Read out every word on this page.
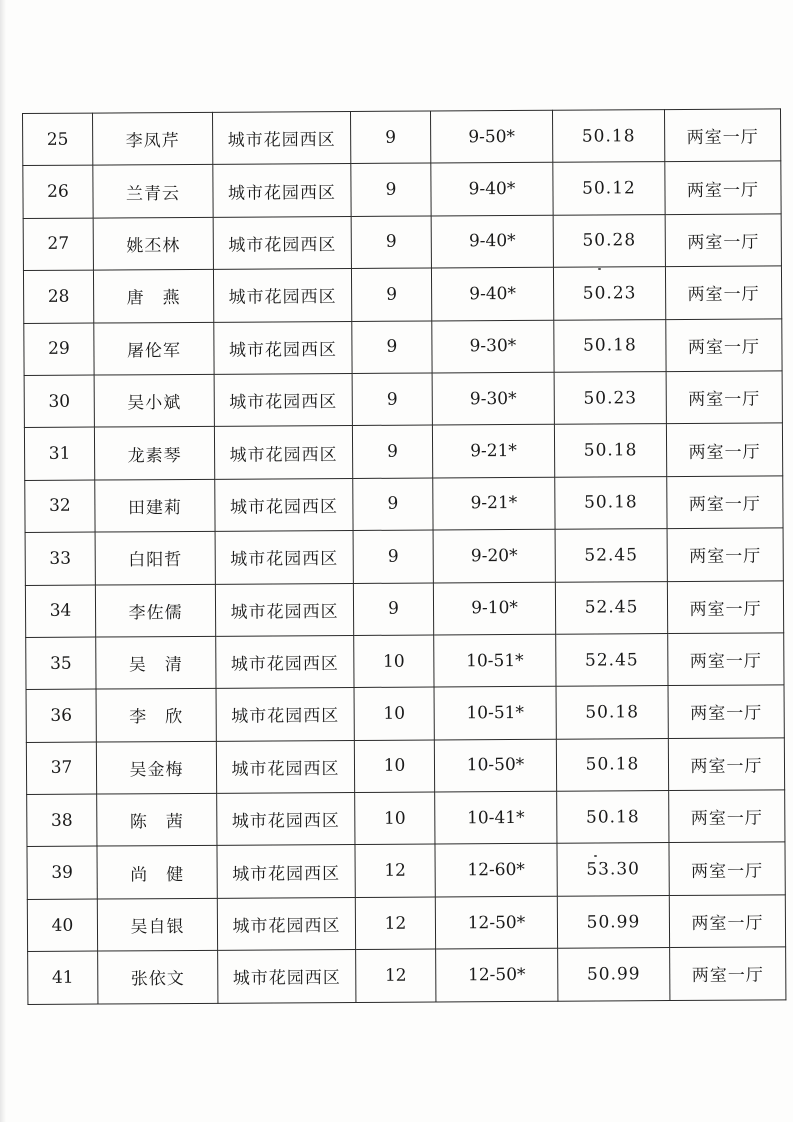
25	李凤芹	城市花园西区	9	9-50*	50.18	两室一厅
26	兰青云	城市花园西区	9	9-40*	50.12	两室一厅
27	姚丕林	城市花园西区	9	9-40*	50.28	两室一厅
28	唐　燕	城市花园西区	9	9-40*	50.23	两室一厅
29	屠伦军	城市花园西区	9	9-30*	50.18	两室一厅
30	吴小斌	城市花园西区	9	9-30*	50.23	两室一厅
31	龙素琴	城市花园西区	9	9-21*	50.18	两室一厅
32	田建莉	城市花园西区	9	9-21*	50.18	两室一厅
33	白阳哲	城市花园西区	9	9-20*	52.45	两室一厅
34	李佐儒	城市花园西区	9	9-10*	52.45	两室一厅
35	吴　清	城市花园西区	10	10-51*	52.45	两室一厅
36	李　欣	城市花园西区	10	10-51*	50.18	两室一厅
37	吴金梅	城市花园西区	10	10-50*	50.18	两室一厅
38	陈　茜	城市花园西区	10	10-41*	50.18	两室一厅
39	尚　健	城市花园西区	12	12-60*	53.30	两室一厅
40	吴自银	城市花园西区	12	12-50*	50.99	两室一厅
41	张依文	城市花园西区	12	12-50*	50.99	两室一厅
